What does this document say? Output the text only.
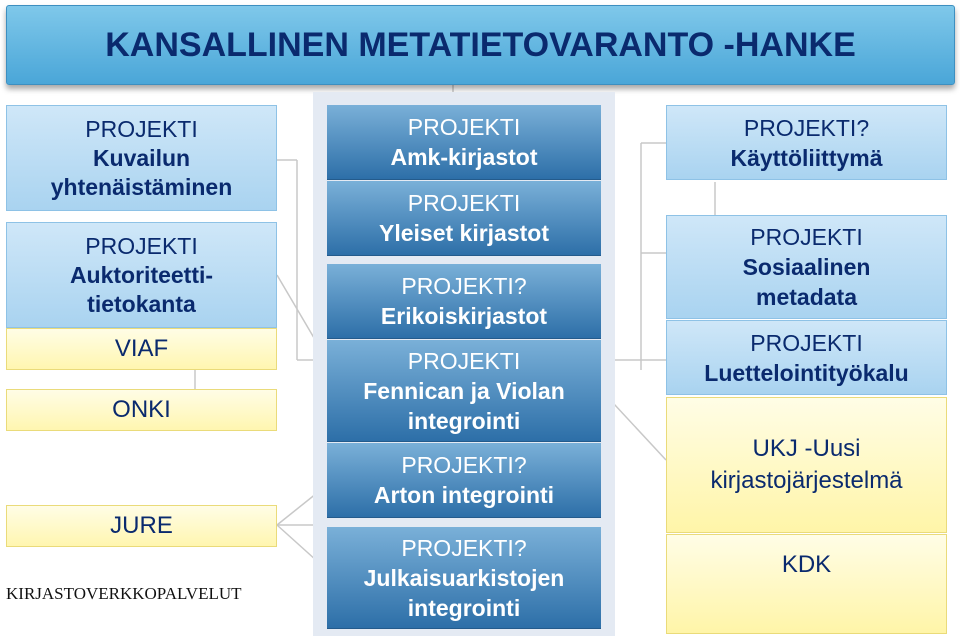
KANSALLINEN METATIETOVARANTO -HANKE
PROJEKTI
Kuvailun
yhtenäistäminen
PROJEKTI
Auktoriteetti-
tietokanta
VIAF
ONKI
JURE
KIRJASTOVERKKOPALVELUT
PROJEKTI
Amk-kirjastot
PROJEKTI
Yleiset kirjastot
PROJEKTI?
Erikoiskirjastot
PROJEKTI
Fennican ja Violan
integrointi
PROJEKTI?
Arton integrointi
PROJEKTI?
Julkaisuarkistojen
integrointi
PROJEKTI?
Käyttöliittymä
PROJEKTI
Sosiaalinen
metadata
PROJEKTI
Luettelointityökalu
UKJ -Uusi
kirjastojärjestelmä
KDK
